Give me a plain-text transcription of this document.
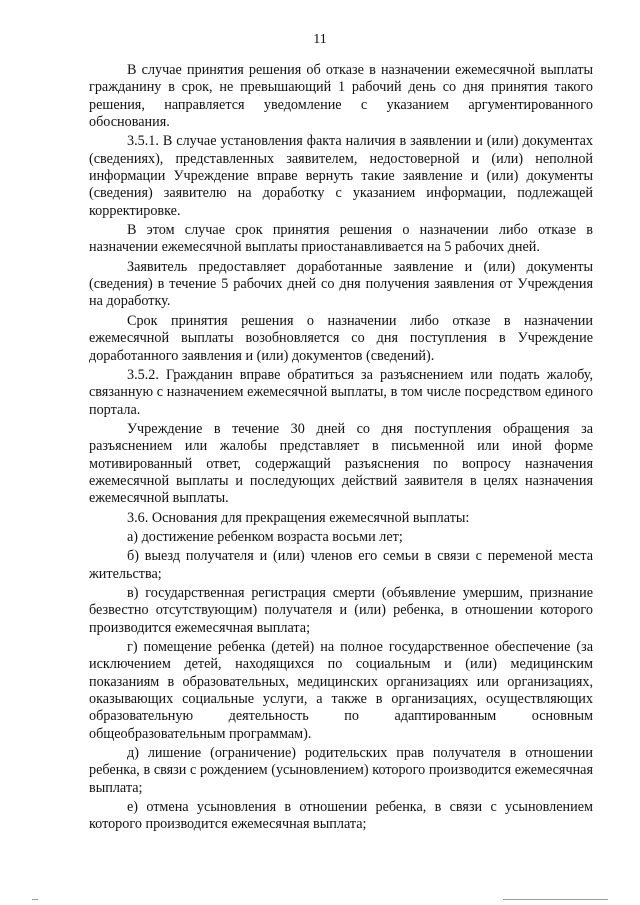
11

В случае принятия решения об отказе в назначении ежемесячной выплаты гражданину в срок, не превышающий 1 рабочий день со дня принятия такого решения, направляется уведомление с указанием аргументированного обоснования.

3.5.1. В случае установления факта наличия в заявлении и (или) документах (сведениях), представленных заявителем, недостоверной и (или) неполной информации Учреждение вправе вернуть такие заявление и (или) документы (сведения) заявителю на доработку с указанием информации, подлежащей корректировке.

В этом случае срок принятия решения о назначении либо отказе в назначении ежемесячной выплаты приостанавливается на 5 рабочих дней.

Заявитель предоставляет доработанные заявление и (или) документы (сведения) в течение 5 рабочих дней со дня получения заявления от Учреждения на доработку.

Срок принятия решения о назначении либо отказе в назначении ежемесячной выплаты возобновляется со дня поступления в Учреждение доработанного заявления и (или) документов (сведений).

3.5.2. Гражданин вправе обратиться за разъяснением или подать жалобу, связанную с назначением ежемесячной выплаты, в том числе посредством единого портала.

Учреждение в течение 30 дней со дня поступления обращения за разъяснением или жалобы представляет в письменной или иной форме мотивированный ответ, содержащий разъяснения по вопросу назначения ежемесячной выплаты и последующих действий заявителя в целях назначения ежемесячной выплаты.

3.6. Основания для прекращения ежемесячной выплаты:

а) достижение ребенком возраста восьми лет;

б) выезд получателя и (или) членов его семьи в связи с переменой места жительства;

в) государственная регистрация смерти (объявление умершим, признание безвестно отсутствующим) получателя и (или) ребенка, в отношении которого производится ежемесячная выплата;

г) помещение ребенка (детей) на полное государственное обеспечение (за исключением детей, находящихся по социальным и (или) медицинским показаниям в образовательных, медицинских организациях или организациях, оказывающих социальные услуги, а также в организациях, осуществляющих образовательную деятельность по адаптированным основным общеобразовательным программам).

д) лишение (ограничение) родительских прав получателя в отношении ребенка, в связи с рождением (усыновлением) которого производится ежемесячная выплата;

е) отмена усыновления в отношении ребенка, в связи с усыновлением которого производится ежемесячная выплата;
